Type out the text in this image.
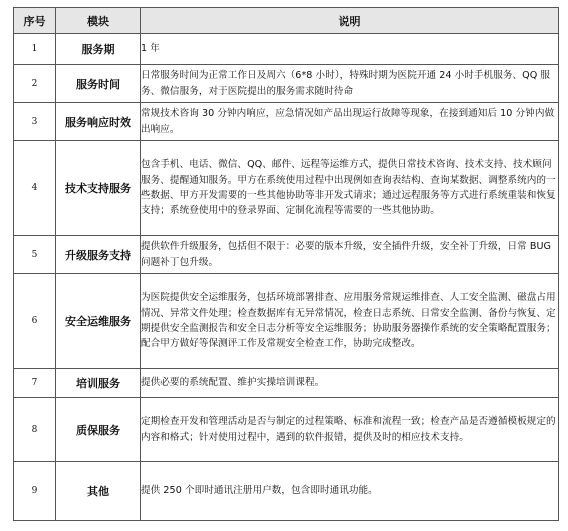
序号	模块	说明
1	服务期	1 年
2	服务时间	日常服务时间为正常工作日及周六（6*8 小时），特殊时期为医院开通 24 小时手机服务、QQ 服务、微信服务，对于医院提出的服务需求随时待命
3	服务响应时效	常规技术咨询 30 分钟内响应，应急情况如产品出现运行故障等现象，在接到通知后 10 分钟内做出响应。
4	技术支持服务	包含手机、电话、微信、QQ、邮件、远程等运维方式，提供日常技术咨询、技术支持、技术顾问服务、提醒通知服务。甲方在系统使用过程中出现例如查询表结构、查询某数据、调整系统内的一些数据、甲方开发需要的一些其他协助等非开发式请求；通过远程服务等方式进行系统重装和恢复支持；系统登使用中的登录界面、定制化流程等需要的一些其他协助。
5	升级服务支持	提供软件升级服务，包括但不限于：必要的版本升级，安全插件升级，安全补丁升级，日常 BUG 问题补丁包升级。
6	安全运维服务	为医院提供安全运维服务，包括环境部署排查、应用服务常规运维排查、人工安全监测、磁盘占用情况、异常文件处理；检查数据库有无异常情况，检查日志系统、日常安全监测、备份与恢复、定期提供安全监测报告和安全日志分析等安全运维服务；协助服务器操作系统的安全策略配置服务；配合甲方做好等保测评工作及常规安全检查工作，协助完成整改。
7	培训服务	提供必要的系统配置、维护实操培训课程。
8	质保服务	定期检查开发和管理活动是否与制定的过程策略、标准和流程一致；检查产品是否遵循模板规定的内容和格式；针对使用过程中，遇到的软件报错，提供及时的相应技术支持。
9	其他	提供 250 个即时通讯注册用户数，包含即时通讯功能。
